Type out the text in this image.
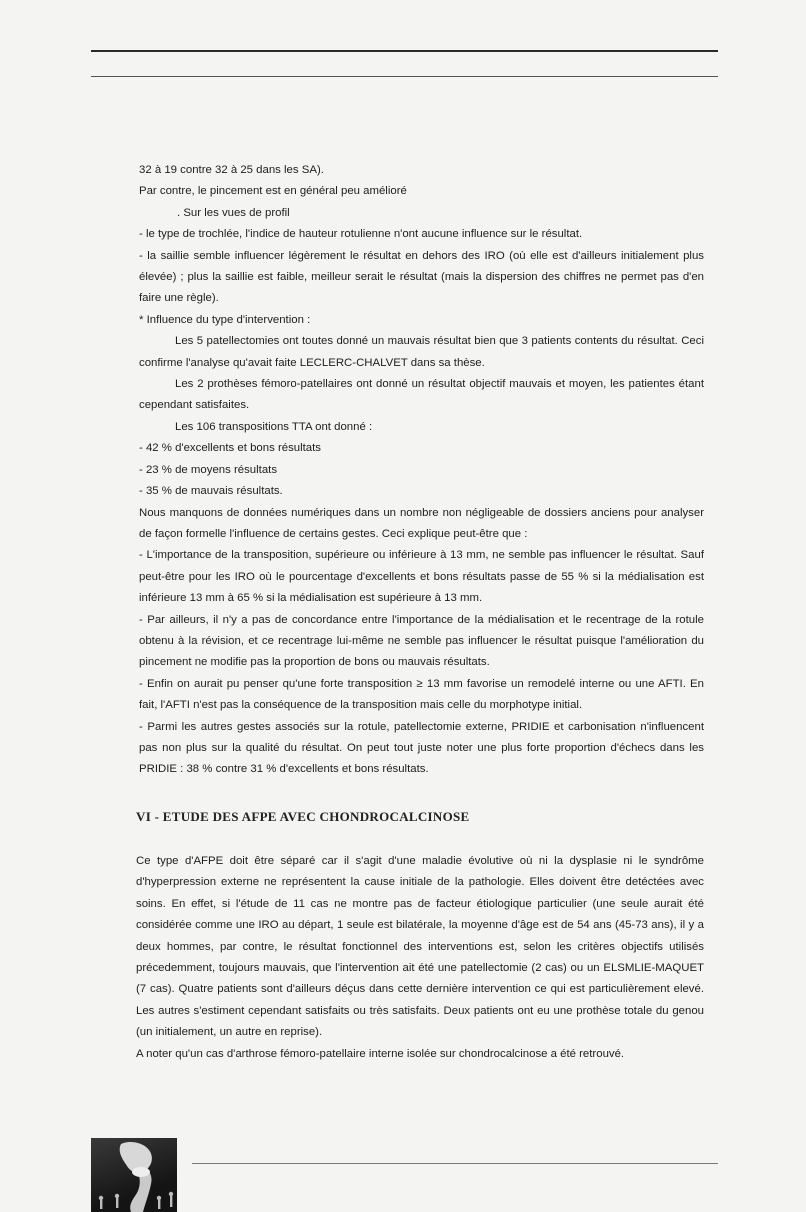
32 à 19 contre 32 à 25 dans les SA).

Par contre, le pincement est en général peu amélioré

. Sur les vues de profil

- le type de trochlée, l'indice de hauteur rotulienne n'ont aucune influence sur le résultat.

- la saillie semble influencer légèrement le résultat en dehors des IRO (où elle est d'ailleurs initialement plus élevée) ; plus la saillie est faible, meilleur serait le résultat (mais la dispersion des chiffres ne permet pas d'en faire une règle).

* Influence du type d'intervention :

Les 5 patellectomies ont toutes donné un mauvais résultat bien que 3 patients contents du résultat. Ceci confirme l'analyse qu'avait faite LECLERC-CHALVET dans sa thèse.

Les 2 prothèses fémoro-patellaires ont donné un résultat objectif mauvais et moyen, les patientes étant cependant satisfaites.

Les 106 transpositions TTA ont donné :

- 42 % d'excellents et bons résultats

- 23 % de moyens résultats

- 35 % de mauvais résultats.

Nous manquons de données numériques dans un nombre non négligeable de dossiers anciens pour analyser de façon formelle l'influence de certains gestes. Ceci explique peut-être que :

- L'importance de la transposition, supérieure ou inférieure à 13 mm, ne semble pas influencer le résultat. Sauf peut-être pour les IRO où le pourcentage d'excellents et bons résultats passe de 55 % si la médialisation est inférieure 13 mm à 65 % si la médialisation est supérieure à 13 mm.

- Par ailleurs, il n'y a pas de concordance entre l'importance de la médialisation et le recentrage de la rotule obtenu à la révision, et ce recentrage lui-même ne semble pas influencer le résultat puisque l'amélioration du pincement ne modifie pas la proportion de bons ou mauvais résultats.

- Enfin on aurait pu penser qu'une forte transposition ≥ 13 mm favorise un remodelé interne ou une AFTI. En fait, l'AFTI n'est pas la conséquence de la transposition mais celle du morphotype initial.

- Parmi les autres gestes associés sur la rotule, patellectomie externe, PRIDIE et carbonisation n'influencent pas non plus sur la qualité du résultat. On peut tout juste noter une plus forte proportion d'échecs dans les PRIDIE : 38 % contre 31 % d'excellents et bons résultats.

VI - ETUDE DES AFPE AVEC CHONDROCALCINOSE

Ce type d'AFPE doit être séparé car il s'agit d'une maladie évolutive où ni la dysplasie ni le syndrôme d'hyperpression externe ne représentent la cause initiale de la pathologie. Elles doivent être detéctées avec soins. En effet, si l'étude de 11 cas ne montre pas de facteur étiologique particulier (une seule aurait été considérée comme une IRO au départ, 1 seule est bilatérale, la moyenne d'âge est de 54 ans (45-73 ans), il y a deux hommes, par contre, le résultat fonctionnel des interventions est, selon les critères objectifs utilisés précedemment, toujours mauvais, que l'intervention ait été une patellectomie (2 cas) ou un ELSMLIE-MAQUET (7 cas). Quatre patients sont d'ailleurs déçus dans cette dernière intervention ce qui est particulièrement elevé. Les autres s'estiment cependant satisfaits ou très satisfaits. Deux patients ont eu une prothèse totale du genou (un initialement, un autre en reprise).

A noter qu'un cas d'arthrose fémoro-patellaire interne isolée sur chondrocalcinose a été retrouvé.
